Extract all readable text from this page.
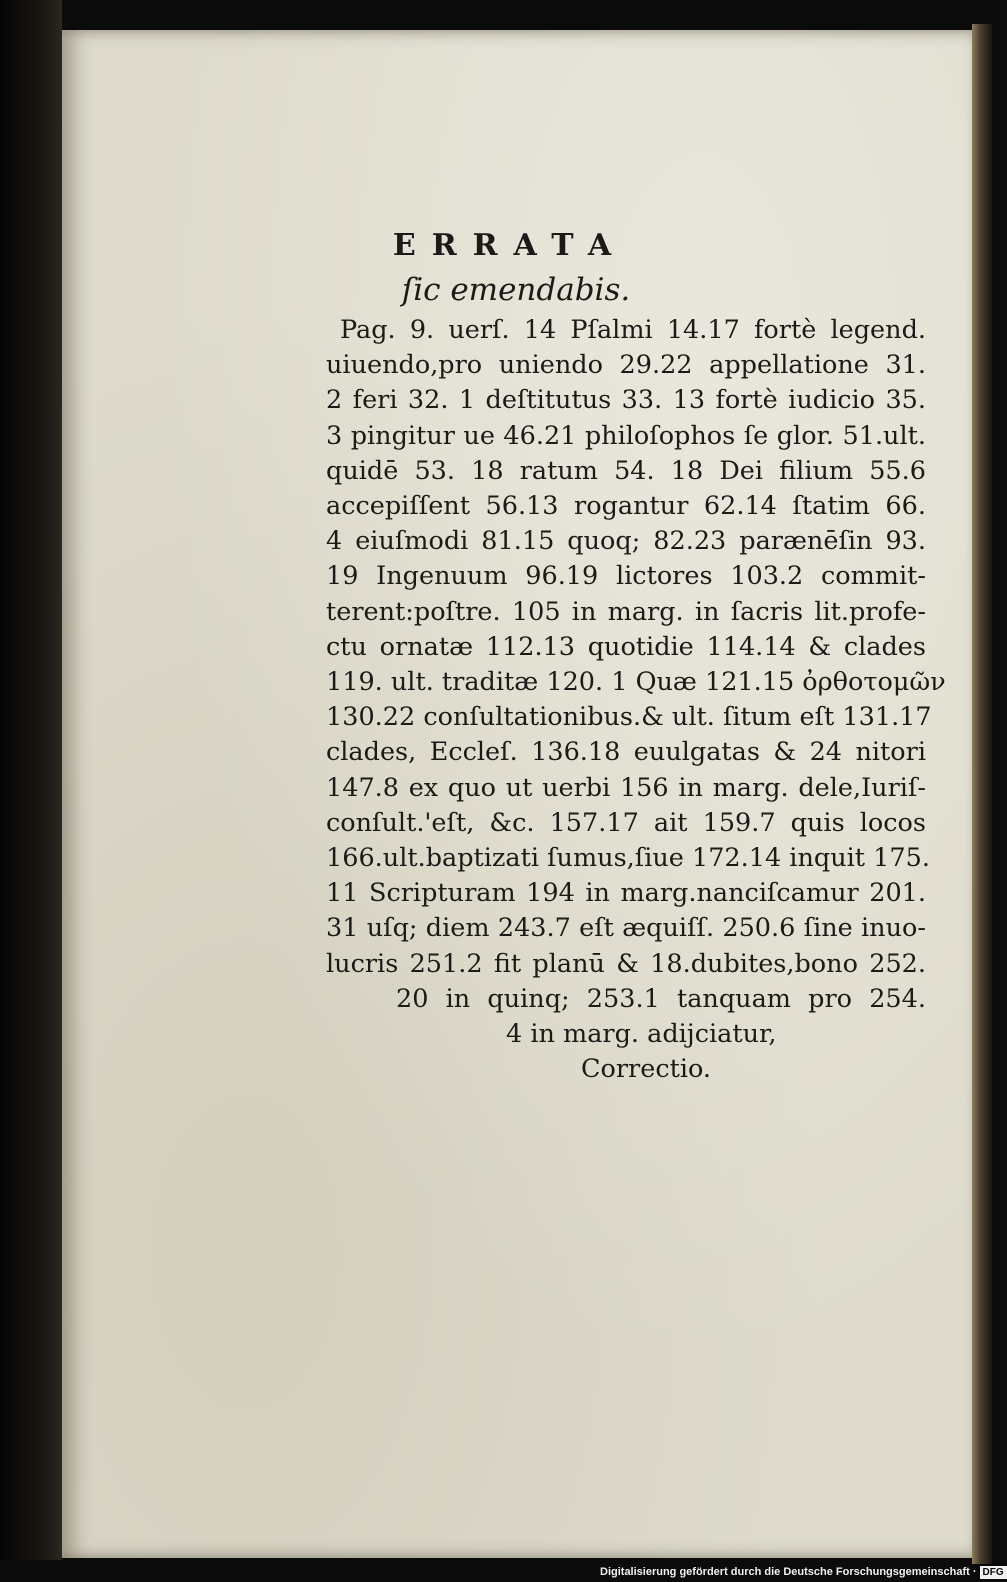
ERRATA
ſic emendabis.
Pag. 9. uerſ. 14 Pſalmi 14.17 fortè legend.
uiuendo,pro uniendo 29.22 appellatione 31.
2 feri 32. 1 deſtitutus 33. 13 fortè iudicio 35.
3 pingitur ue 46.21 philoſophos ſe glor. 51.ult.
quidē 53. 18 ratum 54. 18 Dei filium 55.6
accepiſſent 56.13 rogantur 62.14 ſtatim 66.
4 eiuſmodi 81.15 quoq; 82.23 parænēſin 93.
19 Ingenuum 96.19 lictores 103.2 commit-
terent:poſtre. 105 in marg. in ſacris lit.profe-
ctu ornatæ 112.13 quotidie 114.14 & clades
119. ult. traditæ 120. 1 Quæ 121.15 ὀρθοτομῶν
130.22 conſultationibus.& ult. ſitum eſt 131.17
clades, Eccleſ. 136.18 euulgatas & 24 nitori
147.8 ex quo ut uerbi 156 in marg. dele,Iuriſ-
conſult.'eſt, &c. 157.17 ait 159.7 quis locos
166.ult.baptizati ſumus,ſiue 172.14 inquit 175.
11 Scripturam 194 in marg.nanciſcamur 201.
31 uſq; diem 243.7 eſt æquiſſ. 250.6 ſine inuo-
lucris 251.2 fit planū & 18.dubites,bono 252.
20 in quinq; 253.1 tanquam pro 254.
4 in marg. adijciatur,
Correctio.
Digitalisierung gefördert durch die Deutsche Forschungsgemeinschaft · DFG
